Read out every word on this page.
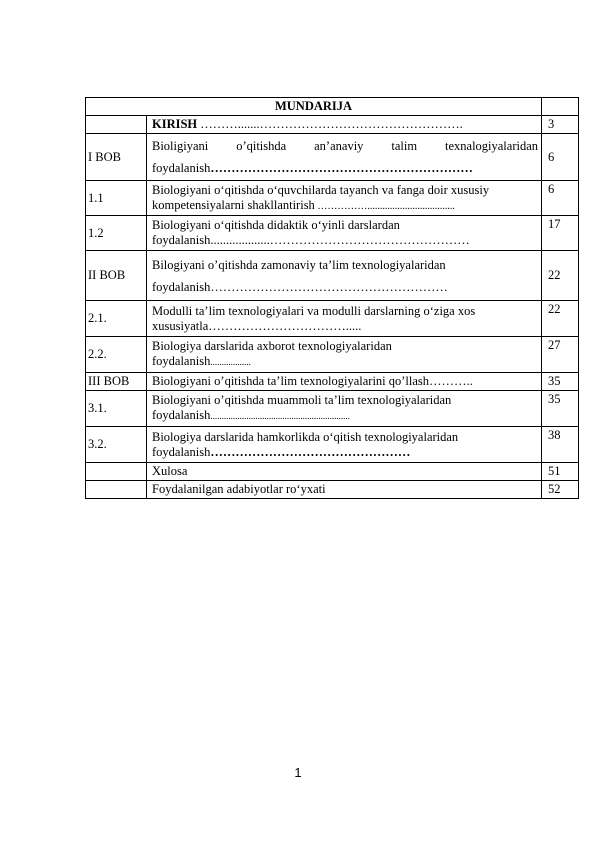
MUNDARIJA		
	KIRISH ……….......………………………………………….	3
I BOB	Bioligiyani o’qitishda an’anaviy talim texnalogiyalaridan
foydalanish………………………………………………………	6
1.1	Biologiyani o‘qitishda o‘quvchilarda tayanch va fanga doir xususiy
kompetensiyalarni shakllantirish ……………...................................	6
1.2	Biologiyani o‘qitishda didaktik o‘yinli darslardan
foydalanish...................…………………………………………	17
II BOB	Bilogiyani o’qitishda zamonaviy ta’lim texnologiyalaridan
foydalanish…………………………………………………	22
2.1.	Modulli ta’lim texnologiyalari va modulli darslarning o‘ziga xos
xususiyatla…………………………….....	22
2.2.	Biologiya darslarida axborot texnologiyalaridan
foydalanish..................	27
III BOB	Biologiyani o’qitishda ta’lim texnologiyalarini qo’llash………..	35
3.1.	Biologiyani o’qitishda muammoli ta’lim texnologiyalaridan
foydalanish..............................................................	35
3.2.	Biologiya darslarida hamkorlikda o‘qitish texnologiyalaridan
foydalanish…………………………………………	38
	Xulosa	51
	Foydalanilgan adabiyotlar ro‘yxati	52
1
